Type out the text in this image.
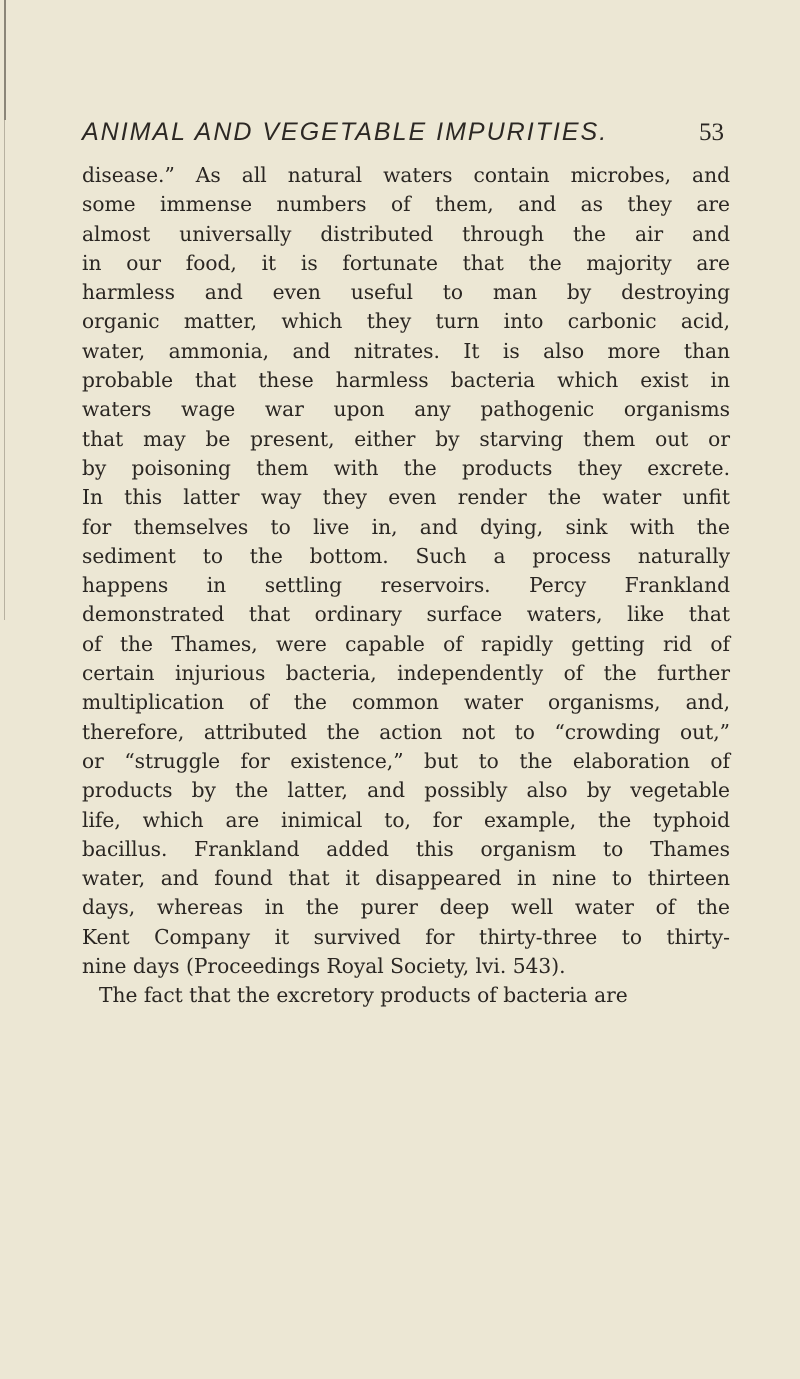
ANIMAL AND VEGETABLE IMPURITIES.	53
disease.” As all natural waters contain microbes, and
some immense numbers of them, and as they are
almost universally distributed through the air and
in our food, it is fortunate that the majority are
harmless and even useful to man by destroying
organic matter, which they turn into carbonic acid,
water, ammonia, and nitrates. It is also more than
probable that these harmless bacteria which exist in
waters wage war upon any pathogenic organisms
that may be present, either by starving them out or
by poisoning them with the products they excrete.
In this latter way they even render the water unfit
for themselves to live in, and dying, sink with the
sediment to the bottom. Such a process naturally
happens in settling reservoirs. Percy Frankland
demonstrated that ordinary surface waters, like that
of the Thames, were capable of rapidly getting rid of
certain injurious bacteria, independently of the further
multiplication of the common water organisms, and,
therefore, attributed the action not to “crowding out,”
or “struggle for existence,” but to the elaboration of
products by the latter, and possibly also by vegetable
life, which are inimical to, for example, the typhoid
bacillus. Frankland added this organism to Thames
water, and found that it disappeared in nine to thirteen
days, whereas in the purer deep well water of the
Kent Company it survived for thirty-three to thirty-
nine days (Proceedings Royal Society, lvi. 543).
The fact that the excretory products of bacteria are
